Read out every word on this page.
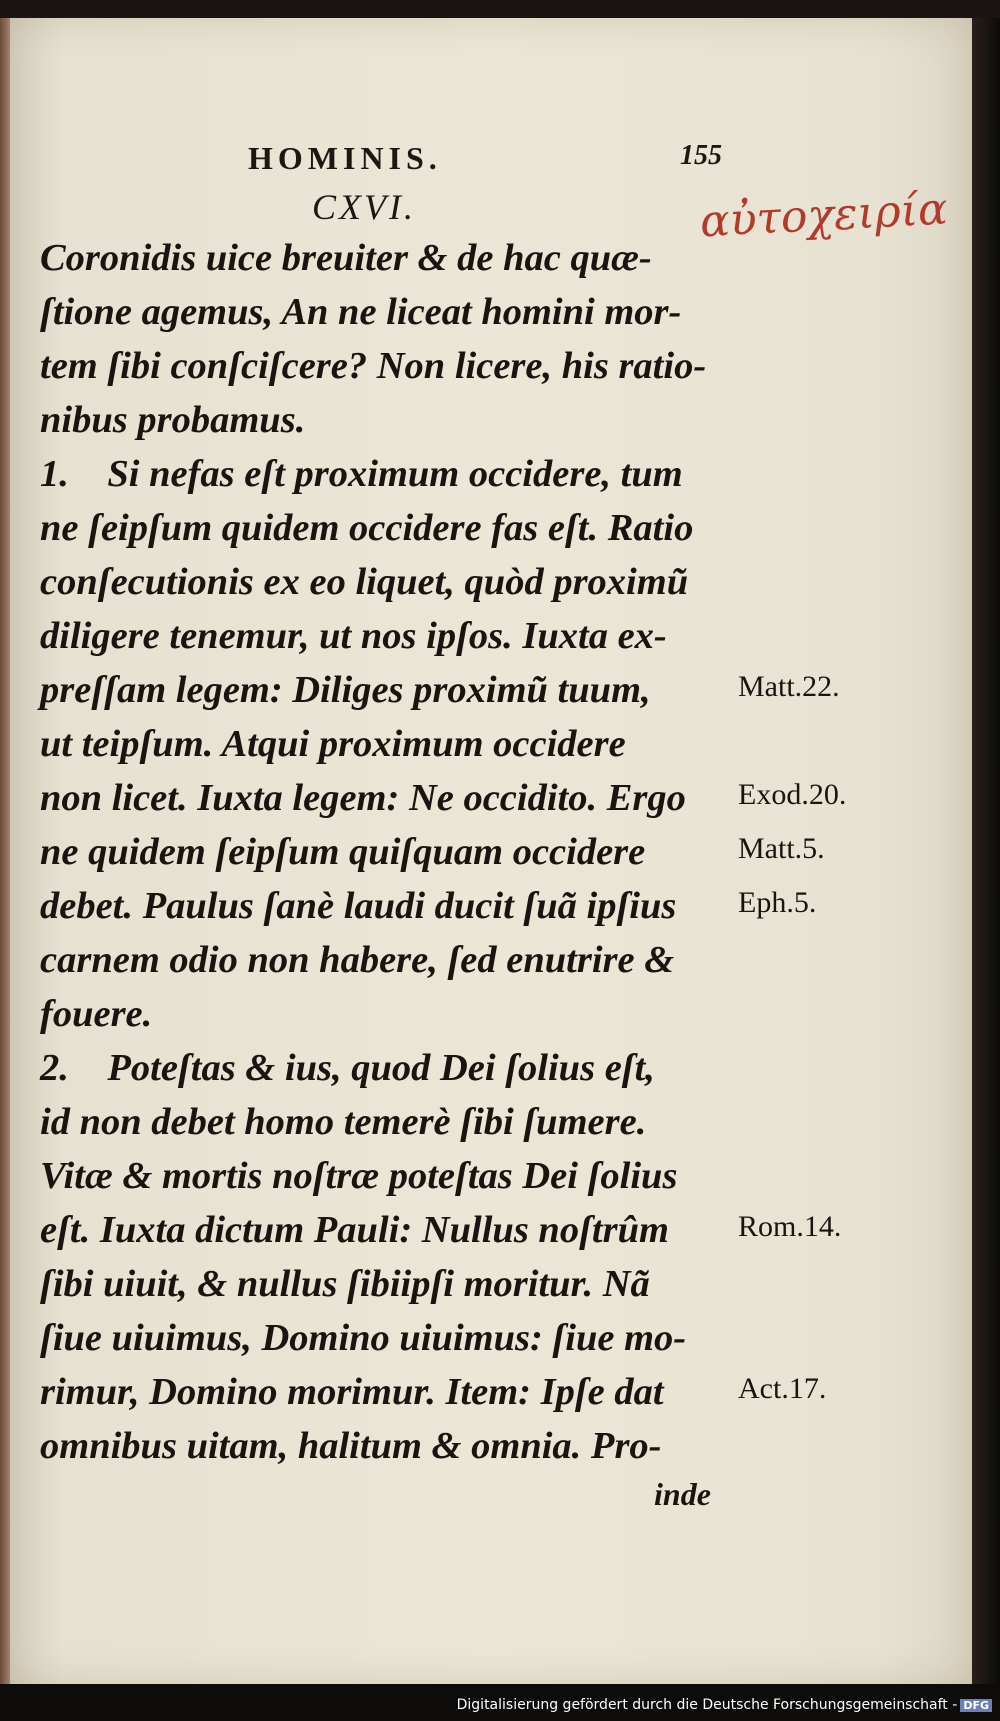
HOMINIS.	155
αὐτοχειρία
CXVI.
Coronidis uice breuiter & de hac quæ-
ſtione agemus, An ne liceat homini mor-
tem ſibi conſciſcere? Non licere, his ratio-
nibus probamus.
1.    Si nefas eſt proximum occidere, tum
ne ſeipſum quidem occidere fas eſt. Ratio
conſecutionis ex eo liquet, quòd proximũ
diligere tenemur, ut nos ipſos. Iuxta ex-
preſſam legem: Diliges proximũ tuum,
ut teipſum. Atqui proximum occidere
non licet. Iuxta legem: Ne occidito. Ergo
ne quidem ſeipſum quiſquam occidere
debet. Paulus ſanè laudi ducit ſuã ipſius
carnem odio non habere, ſed enutrire &
fouere.
2.    Poteſtas & ius, quod Dei ſolius eſt,
id non debet homo temerè ſibi ſumere.
Vitæ & mortis noſtræ poteſtas Dei ſolius
eſt. Iuxta dictum Pauli: Nullus noſtrûm
ſibi uiuit, & nullus ſibiipſi moritur. Nã
ſiue uiuimus, Domino uiuimus: ſiue mo-
rimur, Domino morimur. Item: Ipſe dat
omnibus uitam, halitum & omnia. Pro-
inde
Matt.22.
Exod.20.
Matt.5.
Eph.5.
Rom.14.
Act.17.
Digitalisierung gefördert durch die Deutsche Forschungsgemeinschaft - DFG
